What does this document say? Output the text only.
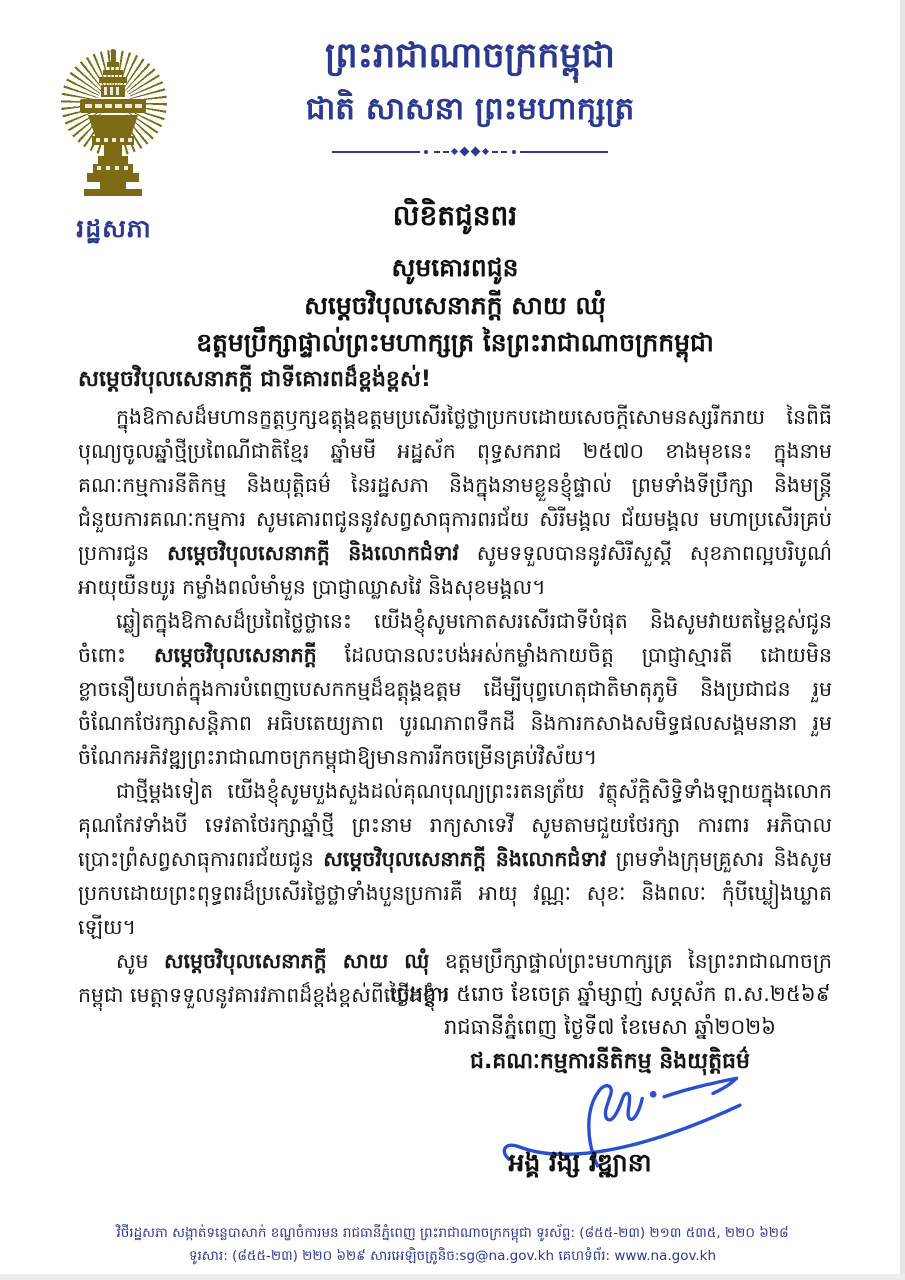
រដ្ឋសភា
ព្រះរាជាណាចក្រកម្ពុជា
ជាតិ សាសនា ព្រះមហាក្សត្រ
លិខិតជូនពរ
សូមគោរពជូន
សម្តេចវិបុលសេនាភក្តី សាយ ឈុំ
ឧត្តមប្រឹក្សាផ្ទាល់ព្រះមហាក្សត្រ នៃព្រះរាជាណាចក្រកម្ពុជា
សម្តេចវិបុលសេនាភក្តី ជាទីគោរពដ៏ខ្ពង់ខ្ពស់!

ក្នុងឱកាសដ៏មហានក្ខត្តឫក្សឧត្តុង្គឧត្តមប្រសើរថ្លៃថ្លាប្រកបដោយសេចក្តីសោមនស្សរីករាយ នៃពិធីបុណ្យចូលឆ្នាំថ្មីប្រពៃណីជាតិខ្មែរ ឆ្នាំមមី អដ្ឋស័ក ពុទ្ធសករាជ ២៥៧០ ខាងមុខនេះ ក្នុងនាមគណៈកម្មការនីតិកម្ម និងយុត្តិធម៌ នៃរដ្ឋសភា និងក្នុងនាមខ្លួនខ្ញុំផ្ទាល់ ព្រមទាំងទីប្រឹក្សា និងមន្ត្រីជំនួយការគណៈកម្មការ សូមគោរពជូននូវសព្វសាធុការពរជ័យ សិរីមង្គល ជ័យមង្គល មហាប្រសើរគ្រប់ប្រការជូន សម្តេចវិបុលសេនាភក្តី និងលោកជំទាវ សូមទទួលបាននូវសិរីសួស្តី សុខភាពល្អបរិបូណ៌ អាយុយឺនយូរ កម្លាំងពលំមាំមួន ប្រាជ្ញាឈ្លាសវៃ និងសុខមង្គល។

ឆ្លៀតក្នុងឱកាសដ៏ប្រពៃថ្លៃថ្លានេះ យើងខ្ញុំសូមកោតសរសើរជាទីបំផុត និងសូមវាយតម្លៃខ្ពស់ជូនចំពោះ សម្តេចវិបុលសេនាភក្តី ដែលបានលះបង់អស់កម្លាំងកាយចិត្ត ប្រាជ្ញាស្មារតី ដោយមិនខ្លាចនឿយហត់ក្នុងការបំពេញបេសកកម្មដ៏ឧត្តុង្គឧត្តម ដើម្បីបុព្វហេតុជាតិមាតុភូមិ និងប្រជាជន រួមចំណែកថែរក្សាសន្តិភាព អធិបតេយ្យភាព បូរណភាពទឹកដី និងការកសាងសមិទ្ធផលសង្គមនានា រួមចំណែកអភិវឌ្ឍព្រះរាជាណាចក្រកម្ពុជាឱ្យមានការរីកចម្រើនគ្រប់វិស័យ។

ជាថ្មីម្តងទៀត យើងខ្ញុំសូមបួងសួងដល់គុណបុណ្យព្រះរតនត្រ័យ វត្ថុស័ក្តិសិទ្ធិទាំងឡាយក្នុងលោក គុណកែវទាំងបី ទេវតាថែរក្សាឆ្នាំថ្មី ព្រះនាម រាក្យសាទេវី សូមតាមជួយថែរក្សា ការពារ អភិបាល ប្រោះព្រំសព្វសាធុការពរជ័យជូន សម្តេចវិបុលសេនាភក្តី និងលោកជំទាវ ព្រមទាំងក្រុមគ្រួសារ និងសូមប្រកបដោយព្រះពុទ្ធពរដ៏ប្រសើរថ្លៃថ្លាទាំងបួនប្រការគឺ អាយុ វណ្ណៈ សុខៈ និងពលៈ កុំបីឃ្លៀងឃ្លាតឡើយ។

សូម សម្តេចវិបុលសេនាភក្តី សាយ ឈុំ ឧត្តមប្រឹក្សាផ្ទាល់ព្រះមហាក្សត្រ នៃព្រះរាជាណាចក្រកម្ពុជា មេត្តាទទួលនូវគារវភាពដ៏ខ្ពង់ខ្ពស់ពីយើងខ្ញុំ។

ថ្ងៃអង្គារ ៥រោច ខែចេត្រ ឆ្នាំម្សាញ់ សប្តស័ក ព.ស.២៥៦៩
រាជធានីភ្នំពេញ ថ្ងៃទី៧ ខែមេសា ឆ្នាំ២០២៦
ជ.គណៈកម្មការនីតិកម្ម និងយុត្តិធម៌
អង្គ វង្ស វឌ្ឍានា
វិថីរដ្ឋសភា សង្កាត់ទន្លេបាសាក់ ខណ្ឌចំការមន រាជធានីភ្នំពេញ ព្រះរាជាណាចក្រកម្ពុជា ទូរស័ព្ទ: (៨៥៥-២៣) ២១៣ ៥៣៥, ២២០ ៦២៨
ទូរសារ: (៨៥៥-២៣) ២២០ ៦២៩ សារអេឡិចត្រូនិច:sg@na.gov.kh គេហទំព័រ: www.na.gov.kh
